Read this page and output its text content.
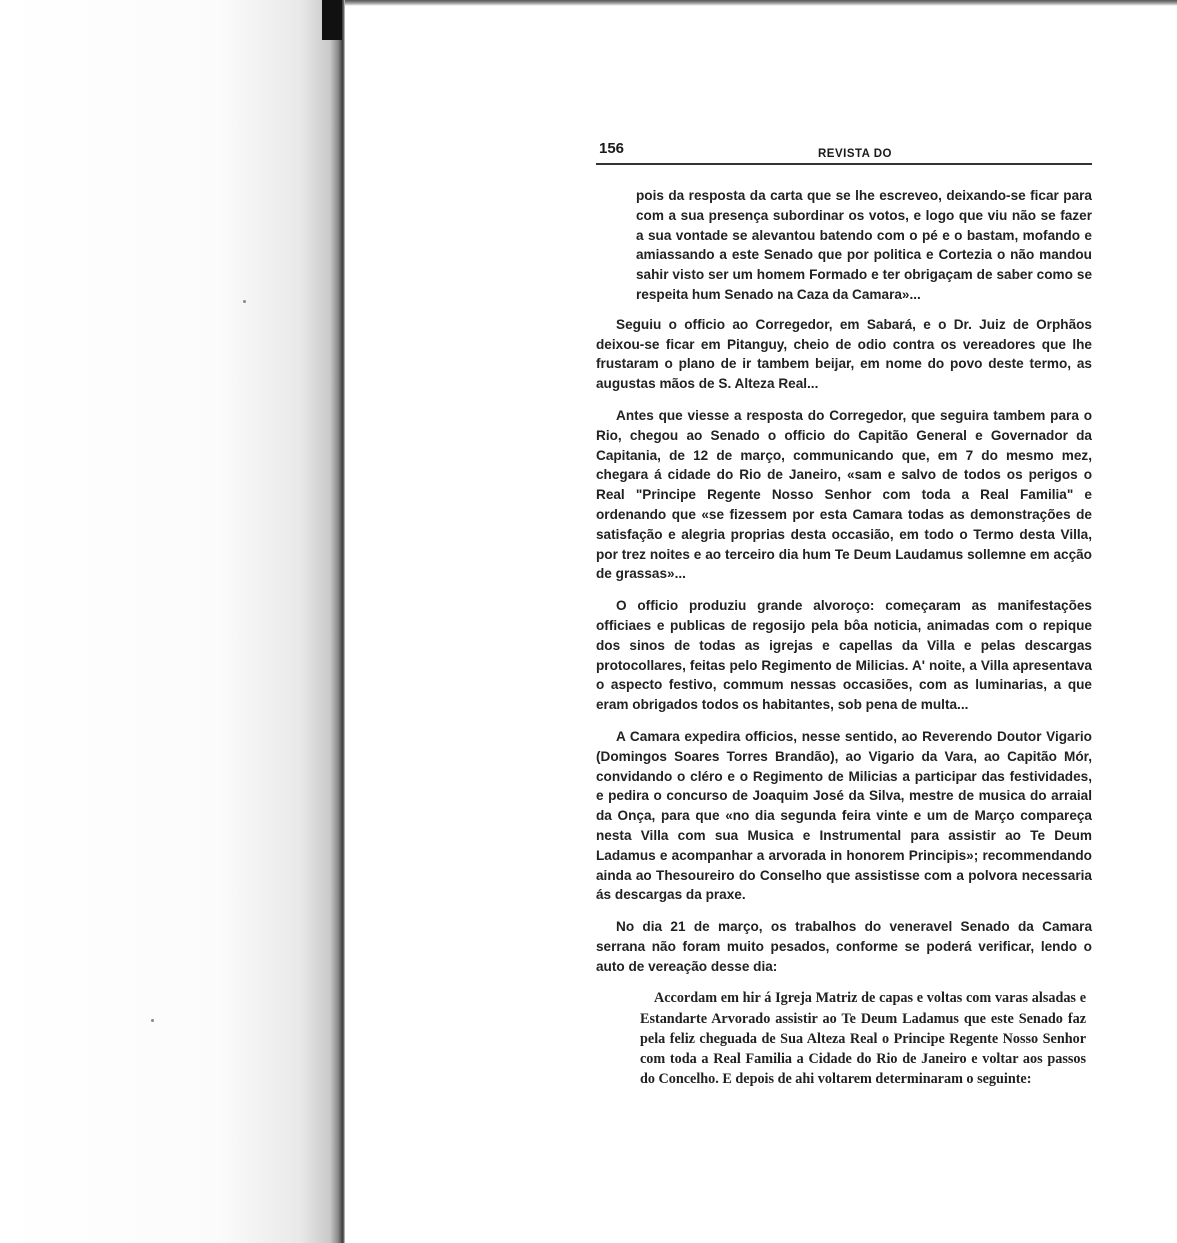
156	REVISTA DO

pois da resposta da carta que se lhe escreveo, deixando-se ficar para com a sua presença subordinar os votos, e logo que viu não se fazer a sua vontade se alevantou batendo com o pé e o bastam, mofando e amiassando a este Senado que por politica e Cortezia o não mandou sahir visto ser um homem Formado e ter obrigaçam de saber como se respeita hum Senado na Caza da Camara»...

Seguiu o officio ao Corregedor, em Sabará, e o Dr. Juiz de Orphãos deixou-se ficar em Pitanguy, cheio de odio contra os vereadores que lhe frustaram o plano de ir tambem beijar, em nome do povo deste termo, as augustas mãos de S. Alteza Real...

Antes que viesse a resposta do Corregedor, que seguira tambem para o Rio, chegou ao Senado o officio do Capitão General e Governador da Capitania, de 12 de março, communicando que, em 7 do mesmo mez, chegara á cidade do Rio de Janeiro, «sam e salvo de todos os perigos o Real "Principe Regente Nosso Senhor com toda a Real Familia" e ordenando que «se fizessem por esta Camara todas as demonstrações de satisfação e alegria proprias desta occasião, em todo o Termo desta Villa, por trez noites e ao terceiro dia hum Te Deum Laudamus sollemne em acção de grassas»...

O officio produziu grande alvoroço: começaram as manifestações officiaes e publicas de regosijo pela bôa noticia, animadas com o repique dos sinos de todas as igrejas e capellas da Villa e pelas descargas protocollares, feitas pelo Regimento de Milicias. A' noite, a Villa apresentava o aspecto festivo, commum nessas occasiões, com as luminarias, a que eram obrigados todos os habitantes, sob pena de multa...

A Camara expedira officios, nesse sentido, ao Reverendo Doutor Vigario (Domingos Soares Torres Brandão), ao Vigario da Vara, ao Capitão Mór, convidando o cléro e o Regimento de Milicias a participar das festividades, e pedira o concurso de Joaquim José da Silva, mestre de musica do arraial da Onça, para que «no dia segunda feira vinte e um de Março compareça nesta Villa com sua Musica e Instrumental para assistir ao Te Deum Ladamus e acompanhar a arvorada in honorem Principis»; recommendando ainda ao Thesoureiro do Conselho que assistisse com a polvora necessaria ás descargas da praxe.

No dia 21 de março, os trabalhos do veneravel Senado da Camara serrana não foram muito pesados, conforme se poderá verificar, lendo o auto de vereação desse dia:

Accordam em hir á Igreja Matriz de capas e voltas com varas alsadas e Estandarte Arvorado assistir ao Te Deum Ladamus que este Senado faz pela feliz cheguada de Sua Alteza Real o Principe Regente Nosso Senhor com toda a Real Familia a Cidade do Rio de Janeiro e voltar aos passos do Concelho. E depois de ahi voltarem determinaram o seguinte:
